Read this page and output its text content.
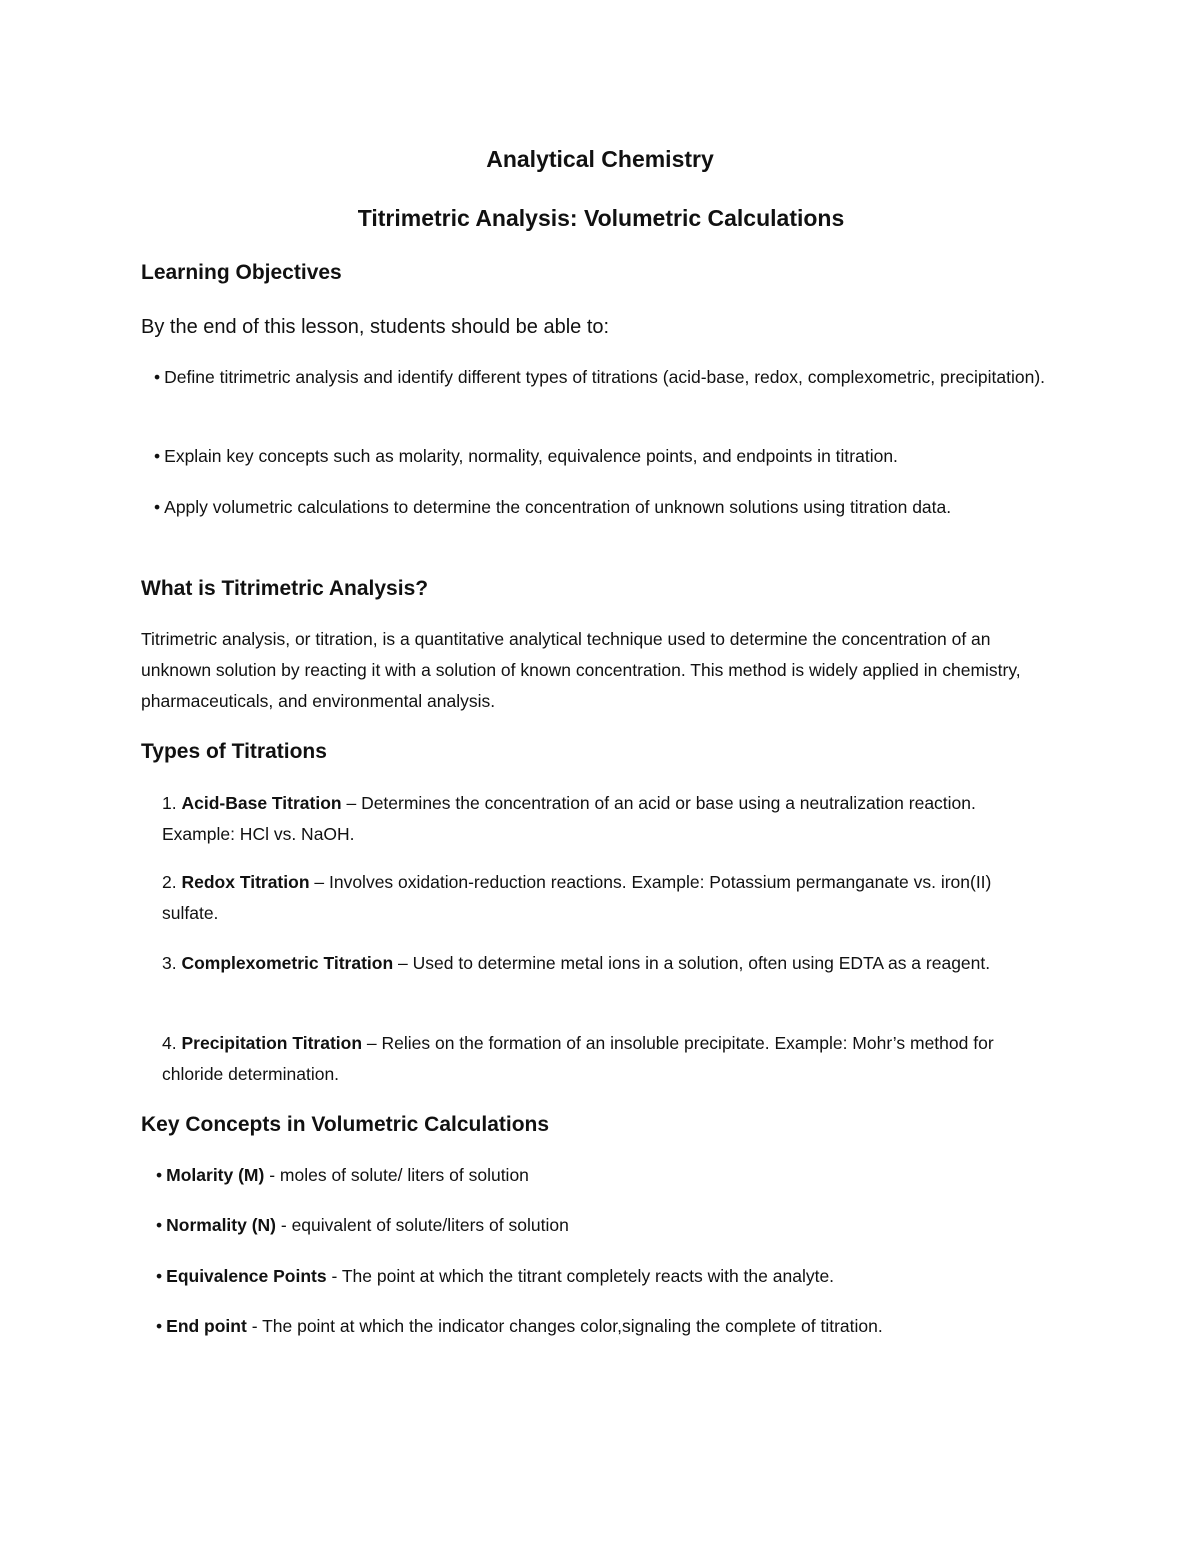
Analytical Chemistry
Titrimetric Analysis: Volumetric Calculations
Learning Objectives

By the end of this lesson, students should be able to:

• Define titrimetric analysis and identify different types of titrations (acid-base, redox, complexometric, precipitation).

• Explain key concepts such as molarity, normality, equivalence points, and endpoints in titration.

• Apply volumetric calculations to determine the concentration of unknown solutions using titration data.

What is Titrimetric Analysis?

Titrimetric analysis, or titration, is a quantitative analytical technique used to determine the concentration of an unknown solution by reacting it with a solution of known concentration. This method is widely applied in chemistry, pharmaceuticals, and environmental analysis.

Types of Titrations

1. Acid-Base Titration – Determines the concentration of an acid or base using a neutralization reaction. Example: HCl vs. NaOH.

2. Redox Titration – Involves oxidation-reduction reactions. Example: Potassium permanganate vs. iron(II) sulfate.

3. Complexometric Titration – Used to determine metal ions in a solution, often using EDTA as a reagent.

4. Precipitation Titration – Relies on the formation of an insoluble precipitate. Example: Mohr’s method for chloride determination.

Key Concepts in Volumetric Calculations

• Molarity (M) - moles of solute/ liters of solution

• Normality (N) - equivalent of solute/liters of solution

• Equivalence Points - The point at which the titrant completely reacts with the analyte.

• End point - The point at which the indicator changes color,signaling the complete of titration.
